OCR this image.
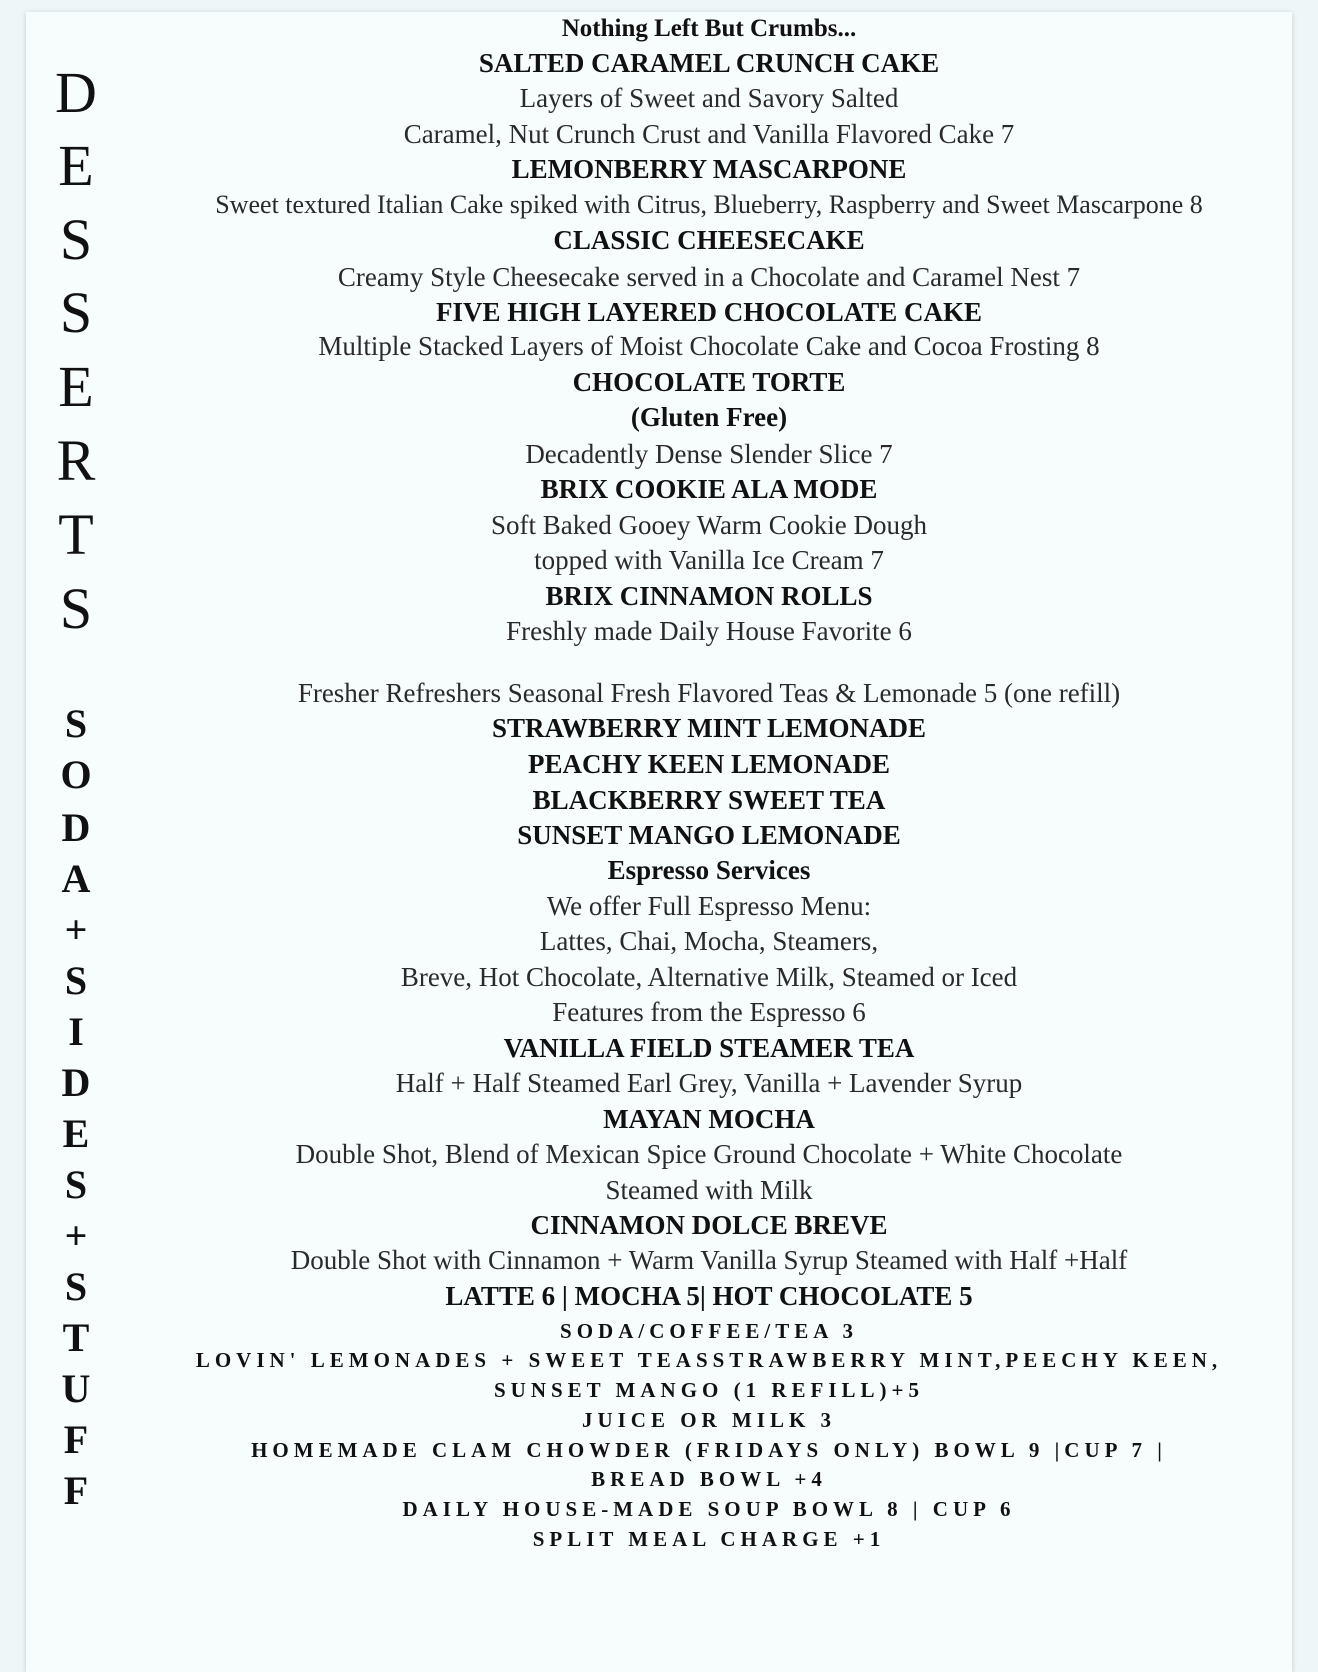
D
E
S
S
E
R
T
S
S
O
D
A
+
S
I
D
E
S
+
S
T
U
F
F
Nothing Left But Crumbs...
SALTED CARAMEL CRUNCH CAKE
Layers of Sweet and Savory Salted
Caramel, Nut Crunch Crust and Vanilla Flavored Cake 7
LEMONBERRY MASCARPONE
Sweet textured Italian Cake spiked with Citrus, Blueberry, Raspberry and Sweet Mascarpone 8
CLASSIC CHEESECAKE
Creamy Style Cheesecake served in a Chocolate and Caramel Nest 7
FIVE HIGH LAYERED CHOCOLATE CAKE
Multiple Stacked Layers of Moist Chocolate Cake and Cocoa Frosting 8
CHOCOLATE TORTE
(Gluten Free)
Decadently Dense Slender Slice 7
BRIX COOKIE ALA MODE
Soft Baked Gooey Warm Cookie Dough
topped with Vanilla Ice Cream 7
BRIX CINNAMON ROLLS
Freshly made Daily House Favorite 6
Fresher Refreshers Seasonal Fresh Flavored Teas & Lemonade 5 (one refill)
STRAWBERRY MINT LEMONADE
PEACHY KEEN LEMONADE
BLACKBERRY SWEET TEA
SUNSET MANGO LEMONADE
Espresso Services
We offer Full Espresso Menu:
Lattes, Chai, Mocha, Steamers,
Breve, Hot Chocolate, Alternative Milk, Steamed or Iced
Features from the Espresso 6
VANILLA FIELD STEAMER TEA
Half + Half Steamed Earl Grey, Vanilla + Lavender Syrup
MAYAN MOCHA
Double Shot, Blend of Mexican Spice Ground Chocolate + White Chocolate
Steamed with Milk
CINNAMON DOLCE BREVE
Double Shot with Cinnamon + Warm Vanilla Syrup Steamed with Half +Half
LATTE 6 | MOCHA 5| HOT CHOCOLATE 5
SODA/COFFEE/TEA 3
LOVIN' LEMONADES + SWEET TEASSTRAWBERRY MINT,PEECHY KEEN,
SUNSET MANGO (1 REFILL)+5
JUICE OR MILK 3
HOMEMADE CLAM CHOWDER (FRIDAYS ONLY) BOWL 9 |CUP 7 |
BREAD BOWL +4
DAILY HOUSE-MADE SOUP BOWL 8 | CUP 6
SPLIT MEAL CHARGE +1
